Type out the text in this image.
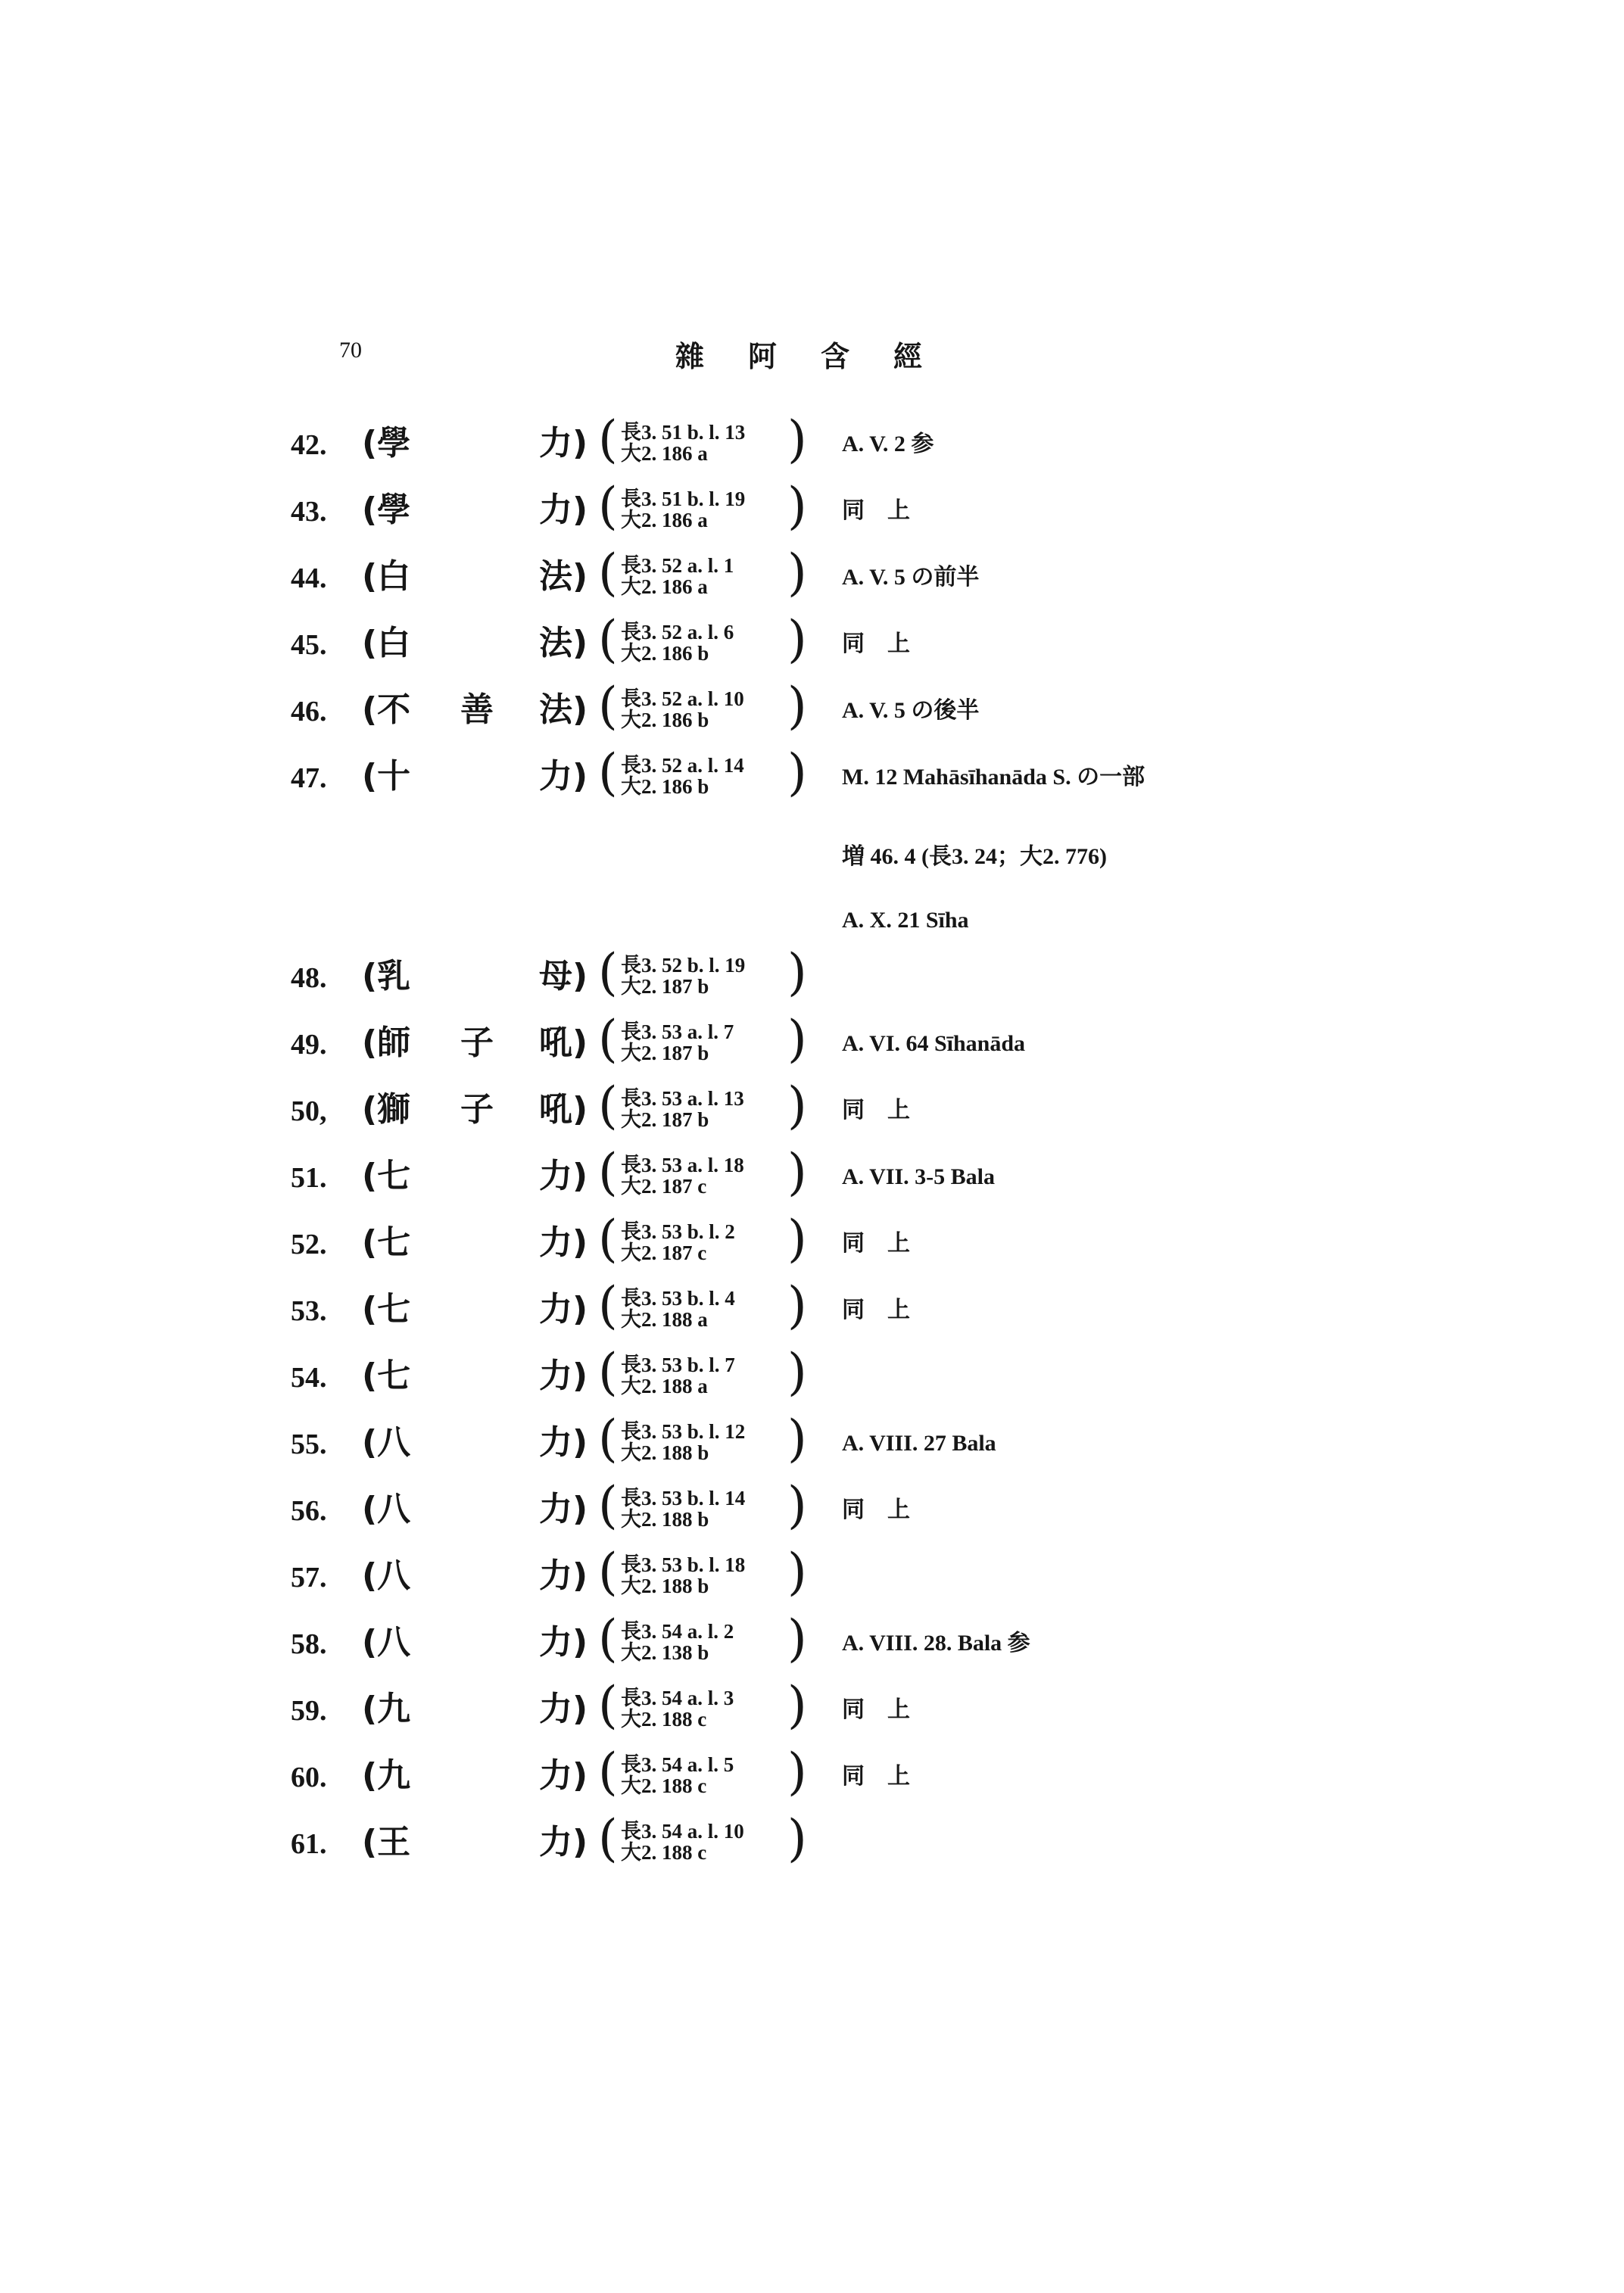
70	雜阿含經
42. (學	力) ( 長3. 51 b. l. 13
大2. 186 a ) A. V. 2 参
43. (學	力) ( 長3. 51 b. l. 19
大2. 186 a ) 同　上
44. (白	法) ( 長3. 52 a. l. 1
大2. 186 a ) A. V. 5 の前半
45. (白	法) ( 長3. 52 a. l. 6
大2. 186 b ) 同　上
46. (不 善 法) ( 長3. 52 a. l. 10
大2. 186 b ) A. V. 5 の後半
47. (十	力) ( 長3. 52 a. l. 14
大2. 186 b ) M. 12 Mahāsīhanāda S. の一部
増 46. 4 (長3. 24；大2. 776)
A. X. 21 Sīha
48. (乳	母) ( 長3. 52 b. l. 19
大2. 187 b )
49. (師 子 吼) ( 長3. 53 a. l. 7
大2. 187 b ) A. VI. 64 Sīhanāda
50, (獅 子 吼) ( 長3. 53 a. l. 13
大2. 187 b ) 同　上
51. (七	力) ( 長3. 53 a. l. 18
大2. 187 c ) A. VII. 3-5 Bala
52. (七	力) ( 長3. 53 b. l. 2
大2. 187 c ) 同　上
53. (七	力) ( 長3. 53 b. l. 4
大2. 188 a ) 同　上
54. (七	力) ( 長3. 53 b. l. 7
大2. 188 a )
55. (八	力) ( 長3. 53 b. l. 12
大2. 188 b ) A. VIII. 27 Bala
56. (八	力) ( 長3. 53 b. l. 14
大2. 188 b ) 同　上
57. (八	力) ( 長3. 53 b. l. 18
大2. 188 b )
58. (八	力) ( 長3. 54 a. l. 2
大2. 138 b ) A. VIII. 28. Bala 参
59. (九	力) ( 長3. 54 a. l. 3
大2. 188 c ) 同　上
60. (九	力) ( 長3. 54 a. l. 5
大2. 188 c ) 同　上
61. (王	力) ( 長3. 54 a. l. 10
大2. 188 c )
